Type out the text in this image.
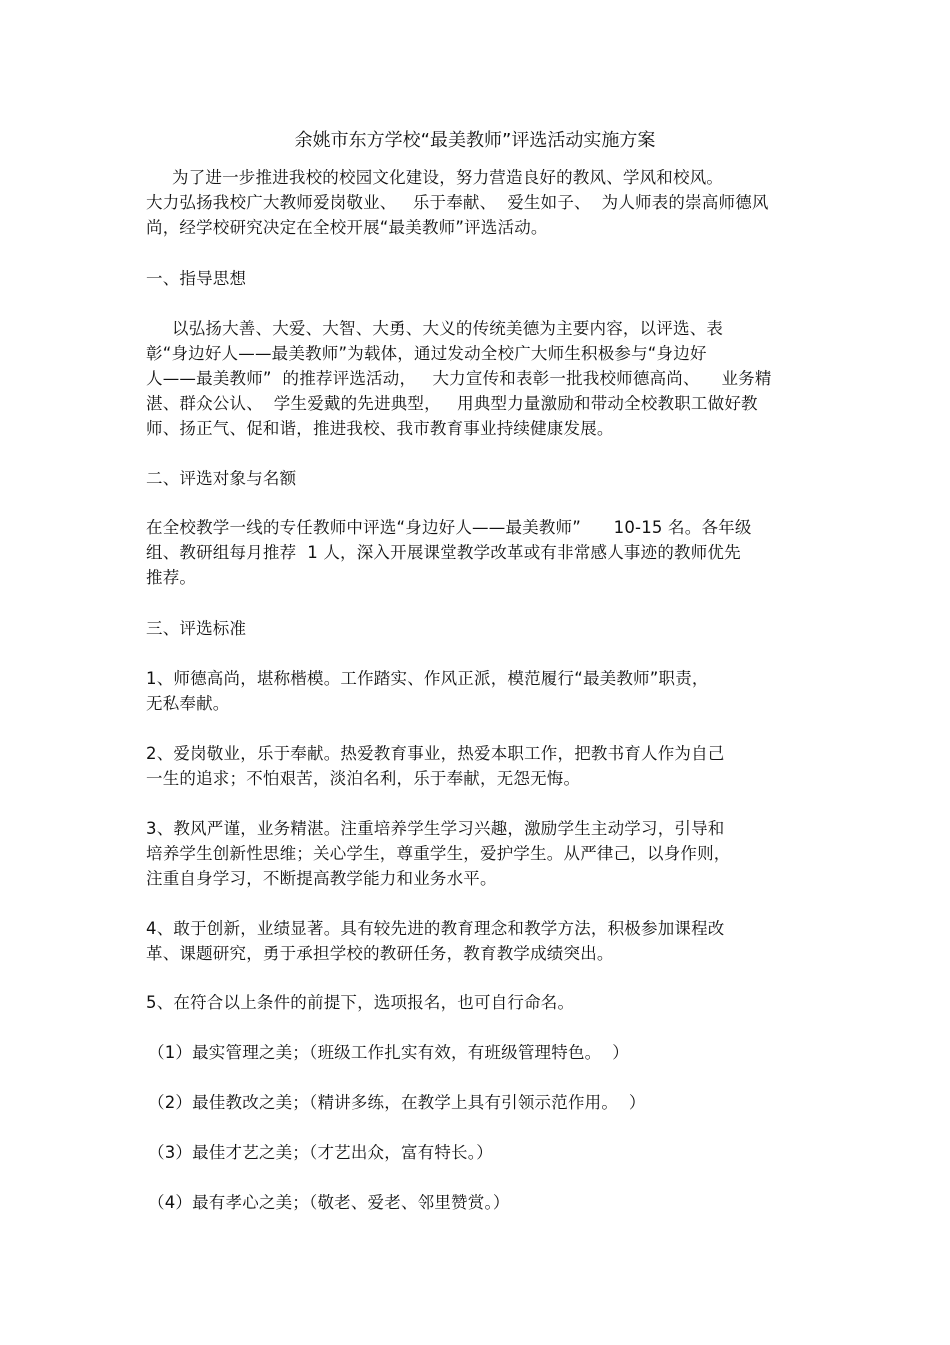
余姚市东方学校“最美教师”评选活动实施方案
为了进一步推进我校的校园文化建设，努力营造良好的教风、学风和校风。
大力弘扬我校广大教师爱岗敬业、   乐于奉献、  爱生如子、  为人师表的崇高师德风
尚，经学校研究决定在全校开展“最美教师”评选活动。
一、指导思想
以弘扬大善、大爱、大智、大勇、大义的传统美德为主要内容，以评选、表
彰“身边好人——最美教师”为载体，通过发动全校广大师生积极参与“身边好
人——最美教师”  的推荐评选活动，   大力宣传和表彰一批我校师德高尚、    业务精
湛、群众公认、  学生爱戴的先进典型，   用典型力量激励和带动全校教职工做好教
师、扬正气、促和谐，推进我校、我市教育事业持续健康发展。
二、评选对象与名额
在全校教学一线的专任教师中评选“身边好人——最美教师”      10-15 名。各年级
组、教研组每月推荐  1 人，深入开展课堂教学改革或有非常感人事迹的教师优先
推荐。
三、评选标准
1、师德高尚，堪称楷模。工作踏实、作风正派，模范履行“最美教师”职责，
无私奉献。
2、爱岗敬业，乐于奉献。热爱教育事业，热爱本职工作，把教书育人作为自己
一生的追求；不怕艰苦，淡泊名利，乐于奉献，无怨无悔。
3、教风严谨，业务精湛。注重培养学生学习兴趣，激励学生主动学习，引导和
培养学生创新性思维；关心学生，尊重学生，爱护学生。从严律己，以身作则，
注重自身学习，不断提高教学能力和业务水平。
4、敢于创新，业绩显著。具有较先进的教育理念和教学方法，积极参加课程改
革、课题研究，勇于承担学校的教研任务，教育教学成绩突出。
5、在符合以上条件的前提下，选项报名，也可自行命名。
（1）最实管理之美；（班级工作扎实有效，有班级管理特色。  ）
（2）最佳教改之美；（精讲多练，在教学上具有引领示范作用。  ）
（3）最佳才艺之美；（才艺出众，富有特长。）
（4）最有孝心之美；（敬老、爱老、邻里赞赏。）
